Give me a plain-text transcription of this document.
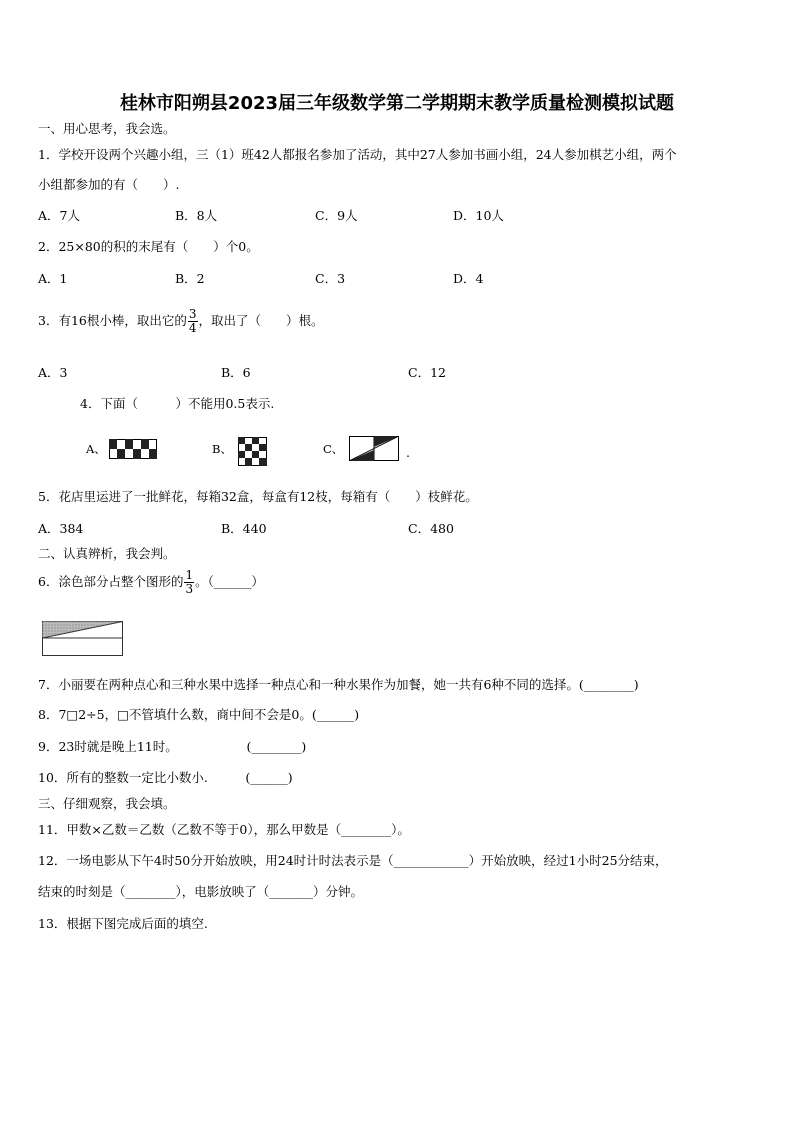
桂林市阳朔县2023届三年级数学第二学期期末教学质量检测模拟试题
一、用心思考，我会选。
1．学校开设两个兴趣小组，三（1）班42人都报名参加了活动，其中27人参加书画小组，24人参加棋艺小组，两个
小组都参加的有（　　）.
A．7人	B．8人	C．9人	D．10人
2．25×80的积的末尾有（　　）个0。
A．1	B．2	C．3	D．4
3．有16根小棒，取出它的 $\frac{3}{4}$ ，取出了（　　）根。
A．3	B．6	C．12
4．下面（　　　）不能用0.5表示.
A、	B、	C、	.
5．花店里运进了一批鲜花，每箱32盒，每盒有12枝，每箱有（　　）枝鲜花。
A．384	B．440	C．480
二、认真辨析，我会判。
6．涂色部分占整个图形的 $\frac{1}{3}$ 。（______）
7．小丽要在两种点心和三种水果中选择一种点心和一种水果作为加餐，她一共有6种不同的选择。(________)
8．7□2÷5，□不管填什么数，商中间不会是0。(______)
9．23时就是晚上11时。　　　　　　(________)
10．所有的整数一定比小数小.　　　(______)
三、仔细观察，我会填。
11．甲数×乙数＝乙数（乙数不等于0），那么甲数是（________）。
12．一场电影从下午4时50分开始放映，用24时计时法表示是（____________）开始放映，经过1小时25分结束，
结束的时刻是（________），电影放映了（_______）分钟。
13．根据下图完成后面的填空.
